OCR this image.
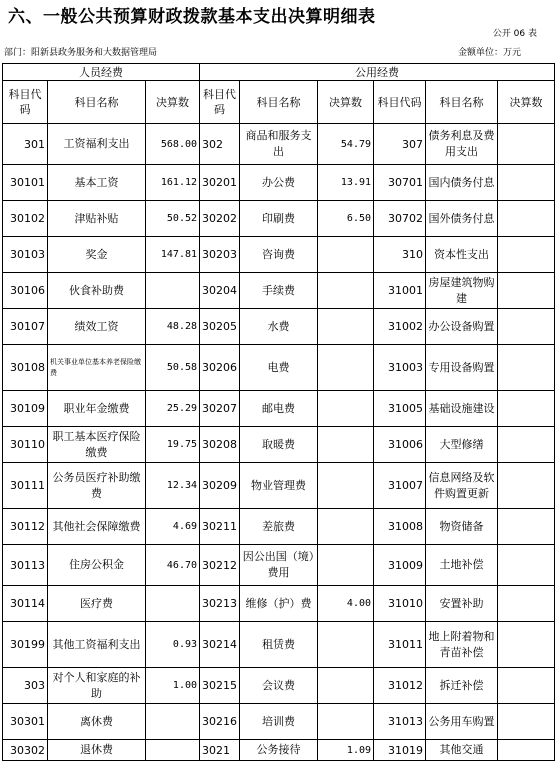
六、一般公共预算财政拨款基本支出决算明细表
公开 06 表
部门：阳新县政务服务和大数据管理局	金额单位：万元
人员经费			公用经费					
科目代码	科目名称	决算数	科目代码	科目名称	决算数	科目代码	科目名称	决算数
301	工资福利支出	568.00	302	商品和服务支出	54.79	307	债务利息及费用支出	
30101	基本工资	161.12	30201	办公费	13.91	30701	国内债务付息	
30102	津贴补贴	50.52	30202	印刷费	6.50	30702	国外债务付息	
30103	奖金	147.81	30203	咨询费		310	资本性支出	
30106	伙食补助费		30204	手续费		31001	房屋建筑物购建	
30107	绩效工资	48.28	30205	水费		31002	办公设备购置	
30108	机关事业单位基本养老保险缴费	50.58	30206	电费		31003	专用设备购置	
30109	职业年金缴费	25.29	30207	邮电费		31005	基础设施建设	
30110	职工基本医疗保险缴费	19.75	30208	取暖费		31006	大型修缮	
30111	公务员医疗补助缴费	12.34	30209	物业管理费		31007	信息网络及软件购置更新	
30112	其他社会保障缴费	4.69	30211	差旅费		31008	物资储备	
30113	住房公积金	46.70	30212	因公出国（境）费用		31009	土地补偿	
30114	医疗费		30213	维修（护）费	4.00	31010	安置补助	
30199	其他工资福利支出	0.93	30214	租赁费		31011	地上附着物和青苗补偿	
303	对个人和家庭的补助	1.00	30215	会议费		31012	拆迁补偿	
30301	离休费		30216	培训费		31013	公务用车购置	
30302	退休费		3021	公务接待	1.09	31019	其他交通	
